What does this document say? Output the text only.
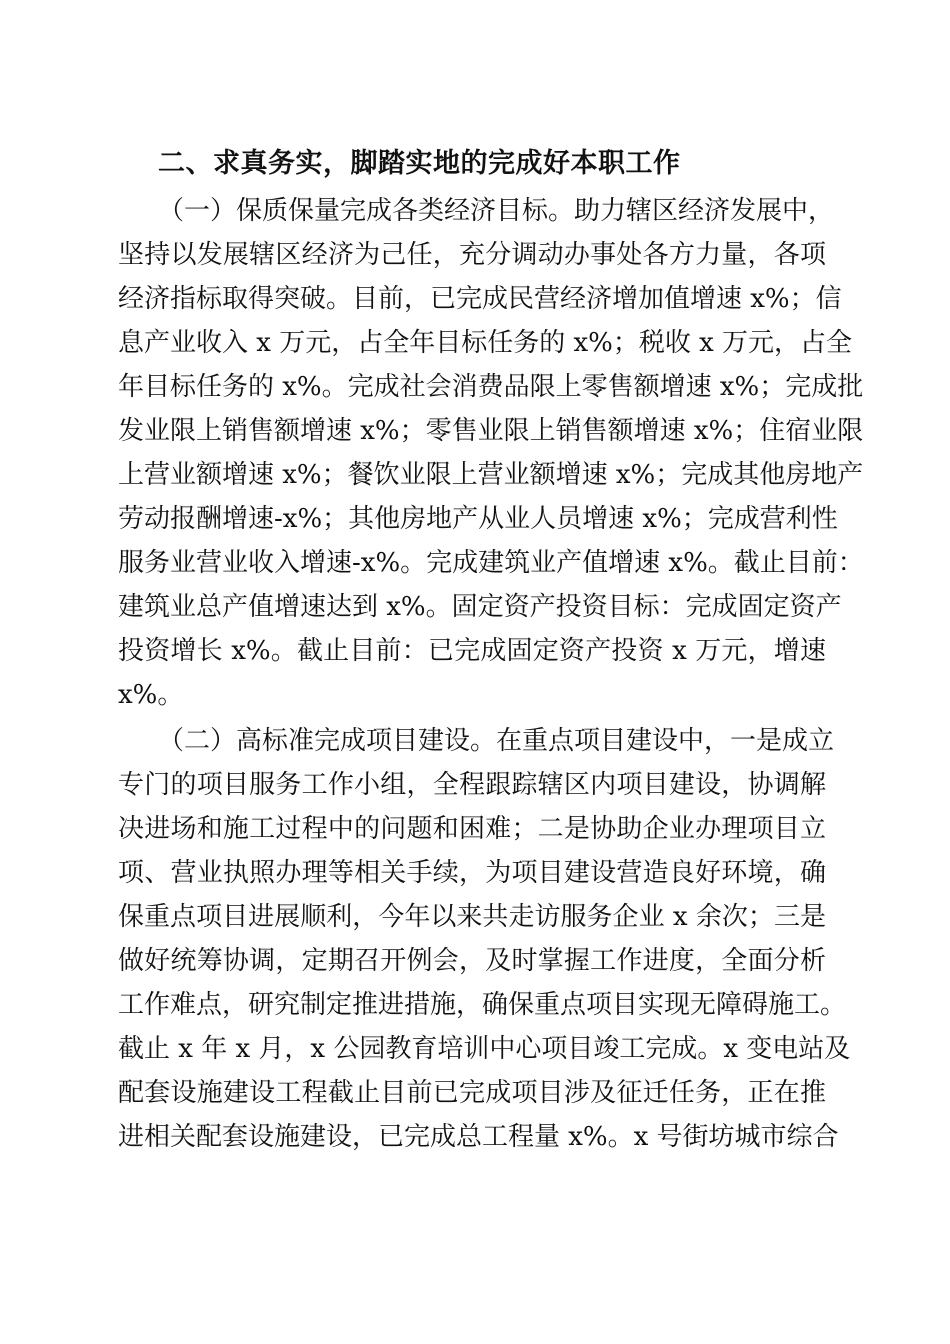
二、求真务实，脚踏实地的完成好本职工作
（一）保质保量完成各类经济目标。助力辖区经济发展中，
坚持以发展辖区经济为己任，充分调动办事处各方力量，各项
经济指标取得突破。目前，已完成民营经济增加值增速 x%；信
息产业收入 x 万元，占全年目标任务的 x%；税收 x 万元，占全
年目标任务的 x%。完成社会消费品限上零售额增速 x%；完成批
发业限上销售额增速 x%；零售业限上销售额增速 x%；住宿业限
上营业额增速 x%；餐饮业限上营业额增速 x%；完成其他房地产
劳动报酬增速-x%；其他房地产从业人员增速 x%；完成营利性
服务业营业收入增速-x%。完成建筑业产值增速 x%。截止目前：
建筑业总产值增速达到 x%。固定资产投资目标：完成固定资产
投资增长 x%。截止目前：已完成固定资产投资 x 万元，增速
x%。
（二）高标准完成项目建设。在重点项目建设中，一是成立
专门的项目服务工作小组，全程跟踪辖区内项目建设，协调解
决进场和施工过程中的问题和困难；二是协助企业办理项目立
项、营业执照办理等相关手续，为项目建设营造良好环境，确
保重点项目进展顺利，今年以来共走访服务企业 x 余次；三是
做好统筹协调，定期召开例会，及时掌握工作进度，全面分析
工作难点，研究制定推进措施，确保重点项目实现无障碍施工。
截止 x 年 x 月，x 公园教育培训中心项目竣工完成。x 变电站及
配套设施建设工程截止目前已完成项目涉及征迁任务，正在推
进相关配套设施建设，已完成总工程量 x%。x 号街坊城市综合
